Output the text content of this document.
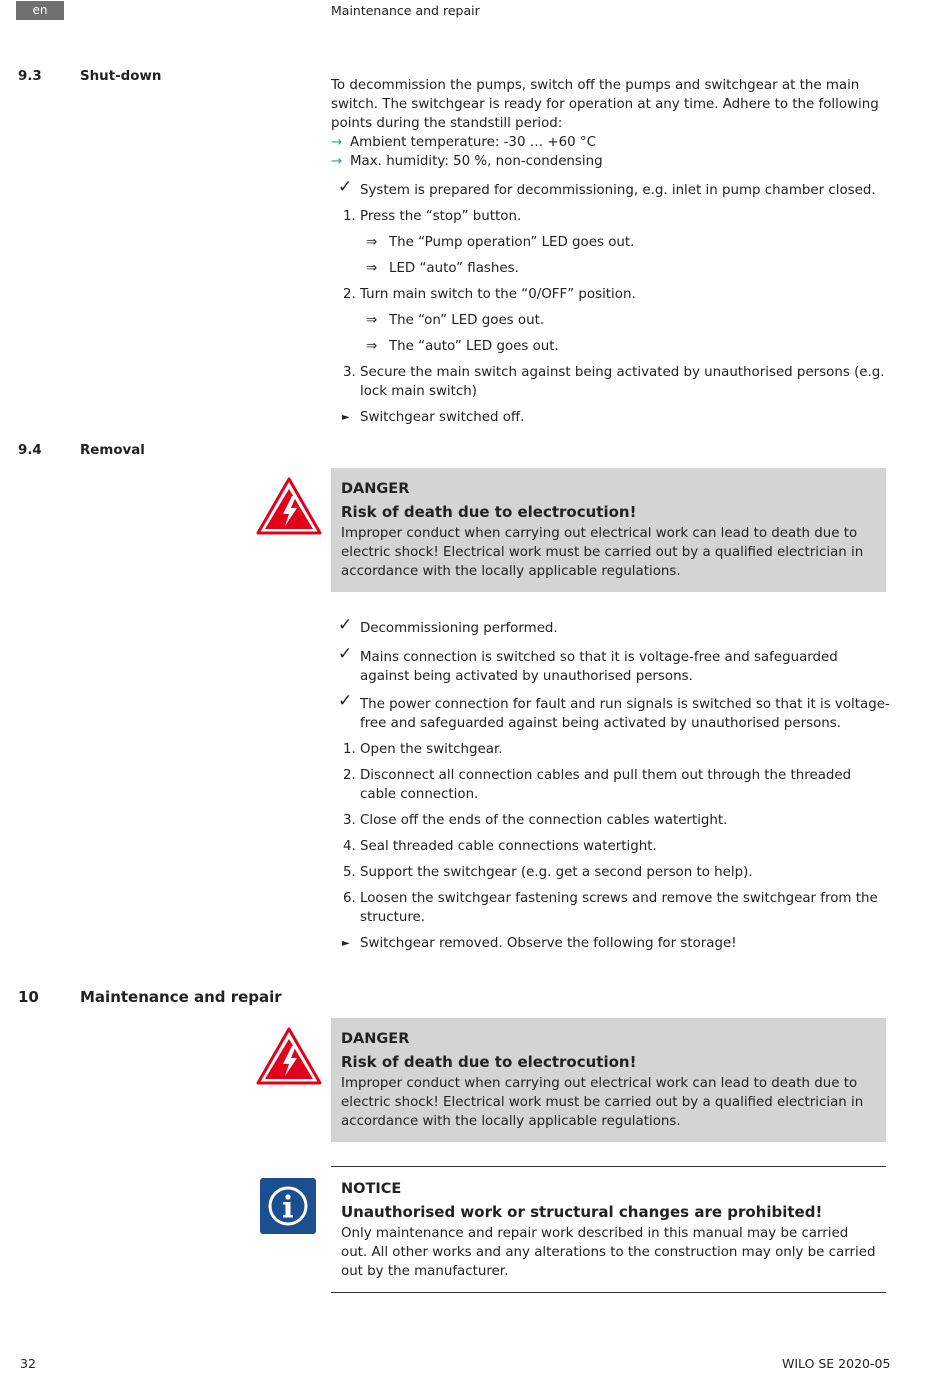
en	Maintenance and repair
9.3	Shut-down

To decommission the pumps, switch off the pumps and switchgear at the main switch. The switchgear is ready for operation at any time. Adhere to the following points during the standstill period:

→ Ambient temperature: -30 … +60 °C
→ Max. humidity: 50 %, non-condensing
✓ System is prepared for decommissioning, e.g. inlet in pump chamber closed.
1. Press the “stop” button.
⇒ The “Pump operation” LED goes out.
⇒ LED “auto” flashes.
2. Turn main switch to the “0/OFF” position.
⇒ The “on” LED goes out.
⇒ The “auto” LED goes out.
3. Secure the main switch against being activated by unauthorised persons (e.g. lock main switch)
► Switchgear switched off.
9.4	Removal
DANGER
Risk of death due to electrocution!
Improper conduct when carrying out electrical work can lead to death due to electric shock! Electrical work must be carried out by a qualified electrician in accordance with the locally applicable regulations.
✓ Decommissioning performed.
✓ Mains connection is switched so that it is voltage-free and safeguarded against being activated by unauthorised persons.
✓ The power connection for fault and run signals is switched so that it is voltage-free and safeguarded against being activated by unauthorised persons.
1. Open the switchgear.
2. Disconnect all connection cables and pull them out through the threaded cable connection.
3. Close off the ends of the connection cables watertight.
4. Seal threaded cable connections watertight.
5. Support the switchgear (e.g. get a second person to help).
6. Loosen the switchgear fastening screws and remove the switchgear from the structure.
► Switchgear removed. Observe the following for storage!
10	Maintenance and repair
DANGER
Risk of death due to electrocution!
Improper conduct when carrying out electrical work can lead to death due to electric shock! Electrical work must be carried out by a qualified electrician in accordance with the locally applicable regulations.
NOTICE
Unauthorised work or structural changes are prohibited!
Only maintenance and repair work described in this manual may be carried out. All other works and any alterations to the construction may only be carried out by the manufacturer.
32	WILO SE 2020-05
